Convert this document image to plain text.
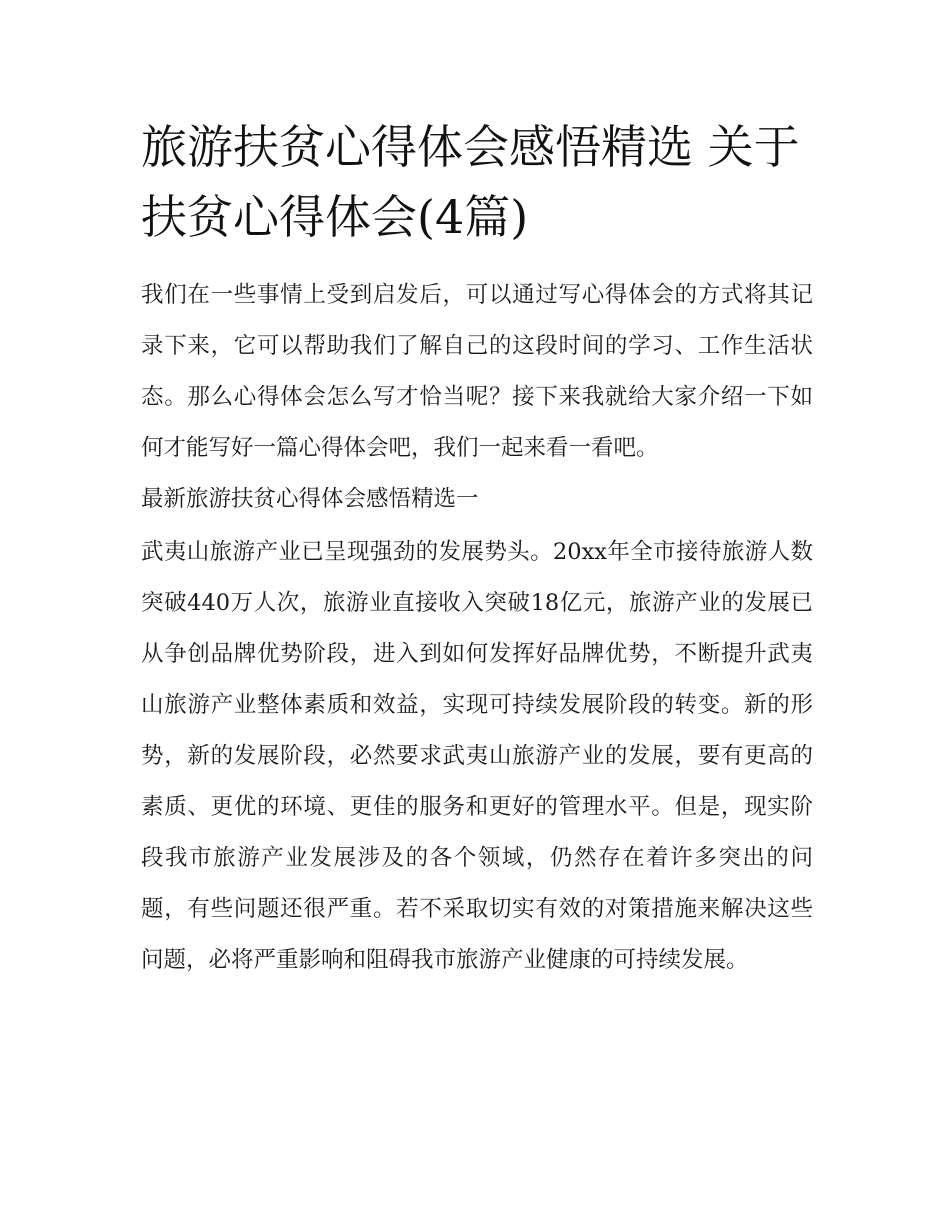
旅游扶贫心得体会感悟精选 关于扶贫心得体会(4篇)

我们在一些事情上受到启发后，可以通过写心得体会的方式将其记录下来，它可以帮助我们了解自己的这段时间的学习、工作生活状态。那么心得体会怎么写才恰当呢？接下来我就给大家介绍一下如何才能写好一篇心得体会吧，我们一起来看一看吧。

最新旅游扶贫心得体会感悟精选一

武夷山旅游产业已呈现强劲的发展势头。20xx年全市接待旅游人数突破440万人次，旅游业直接收入突破18亿元，旅游产业的发展已从争创品牌优势阶段，进入到如何发挥好品牌优势，不断提升武夷山旅游产业整体素质和效益，实现可持续发展阶段的转变。新的形势，新的发展阶段，必然要求武夷山旅游产业的发展，要有更高的素质、更优的环境、更佳的服务和更好的管理水平。但是，现实阶段我市旅游产业发展涉及的各个领域，仍然存在着许多突出的问题，有些问题还很严重。若不采取切实有效的对策措施来解决这些问题，必将严重影响和阻碍我市旅游产业健康的可持续发展。
